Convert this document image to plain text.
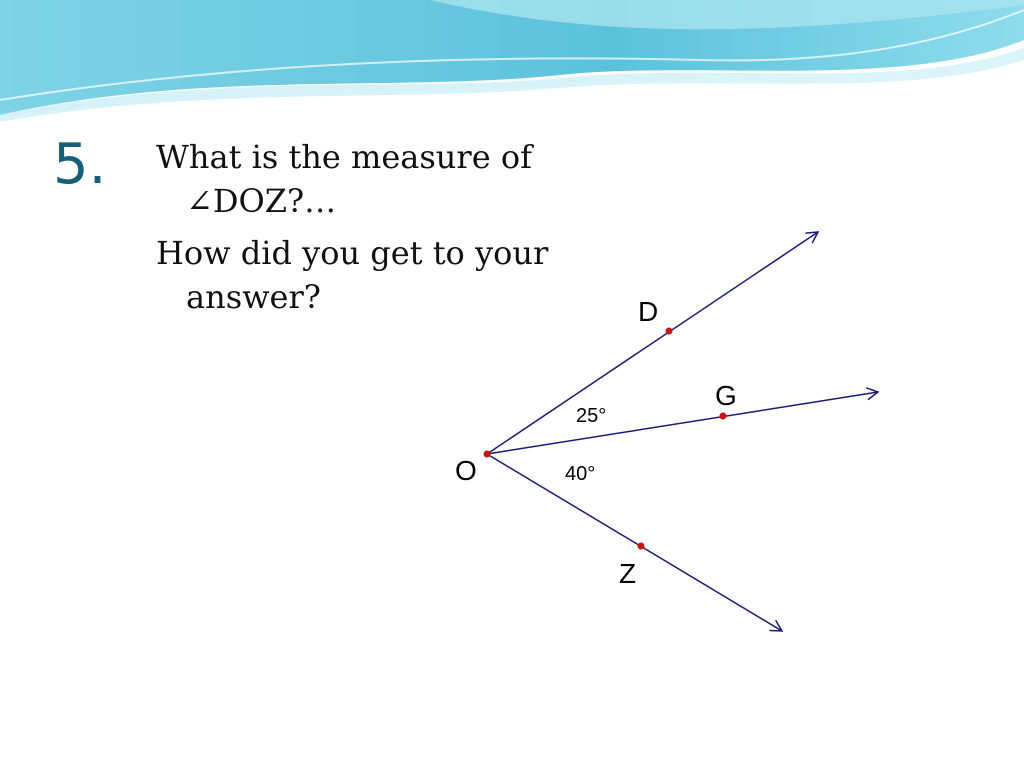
5. What is the measure of
∠DOZ?…

How did you get to your
answer?

O
D
G
Z
25°
40°
